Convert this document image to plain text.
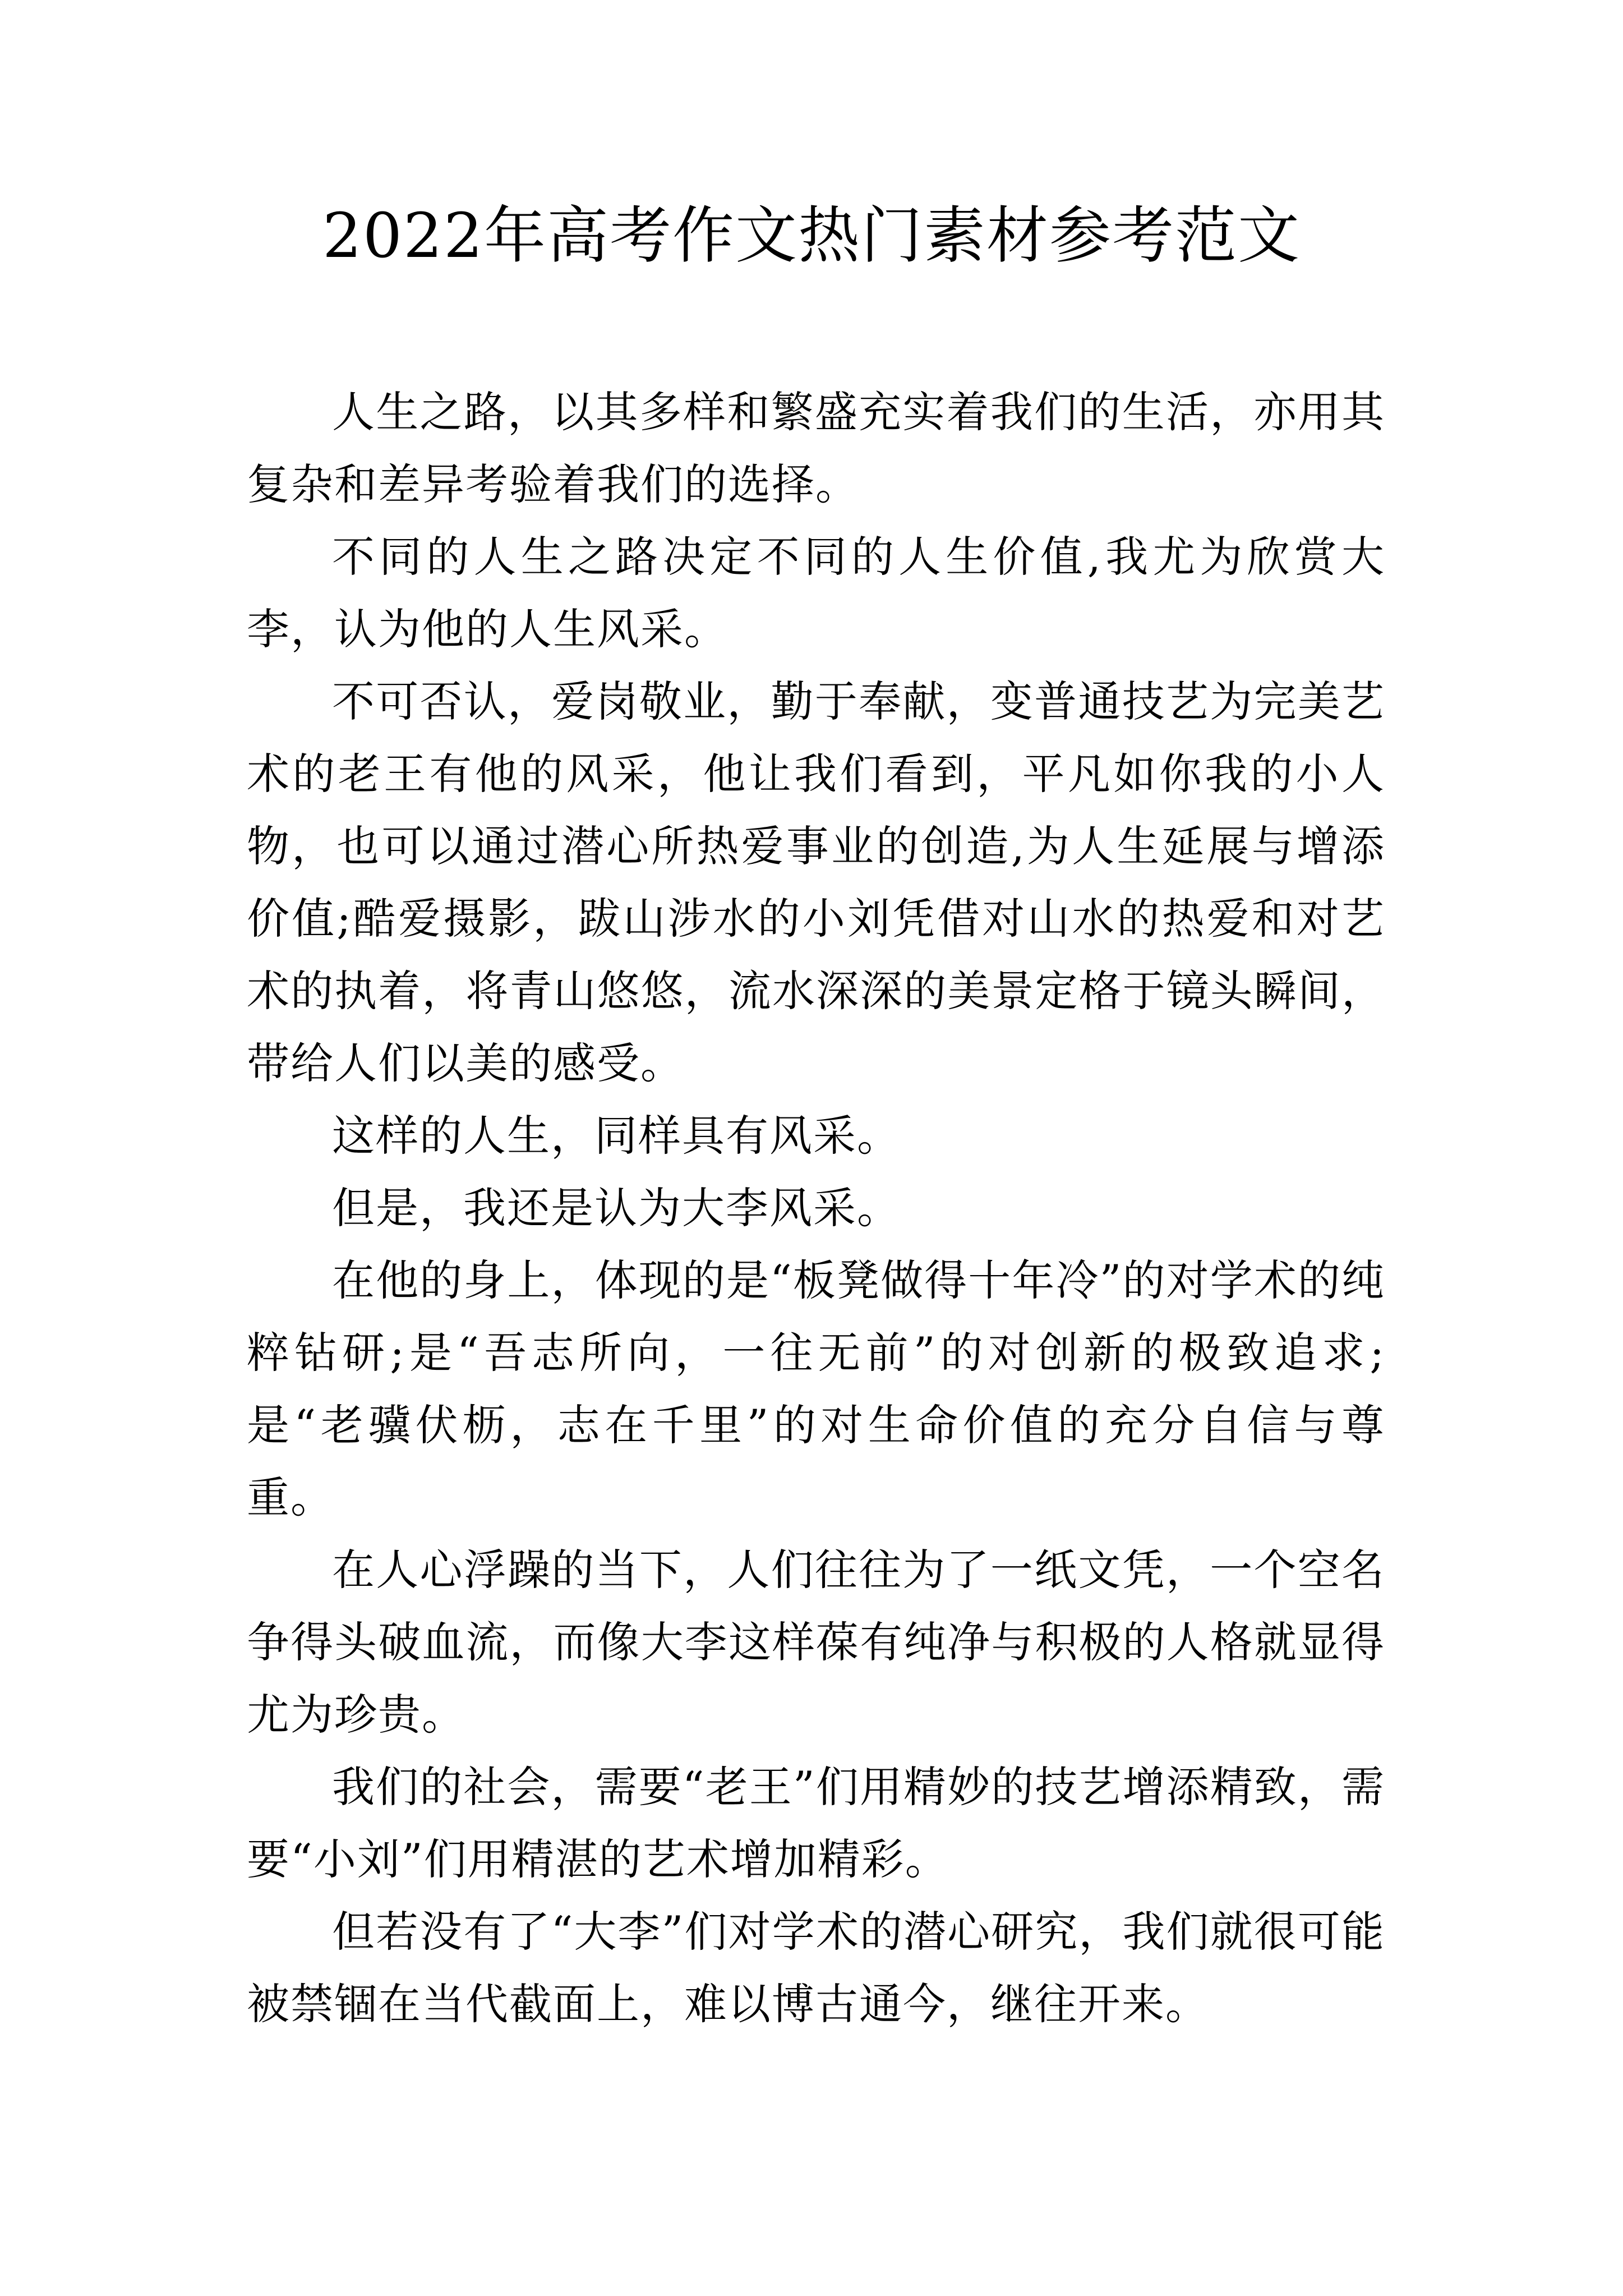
2022年高考作文热门素材参考范文

人生之路，以其多样和繁盛充实着我们的生活，亦用其复杂和差异考验着我们的选择。

不同的人生之路决定不同的人生价值,我尤为欣赏大李，认为他的人生风采。

不可否认，爱岗敬业，勤于奉献，变普通技艺为完美艺术的老王有他的风采，他让我们看到，平凡如你我的小人物，也可以通过潜心所热爱事业的创造,为人生延展与增添价值;酷爱摄影，跋山涉水的小刘凭借对山水的热爱和对艺术的执着，将青山悠悠，流水深深的美景定格于镜头瞬间，带给人们以美的感受。

这样的人生，同样具有风采。

但是，我还是认为大李风采。

在他的身上，体现的是“板凳做得十年冷”的对学术的纯粹钻研;是“吾志所向，一往无前”的对创新的极致追求;是“老骥伏枥，志在千里”的对生命价值的充分自信与尊重。

在人心浮躁的当下，人们往往为了一纸文凭，一个空名争得头破血流，而像大李这样葆有纯净与积极的人格就显得尤为珍贵。

我们的社会，需要“老王”们用精妙的技艺增添精致，需要“小刘”们用精湛的艺术增加精彩。

但若没有了“大李”们对学术的潜心研究，我们就很可能被禁锢在当代截面上，难以博古通今，继往开来。
